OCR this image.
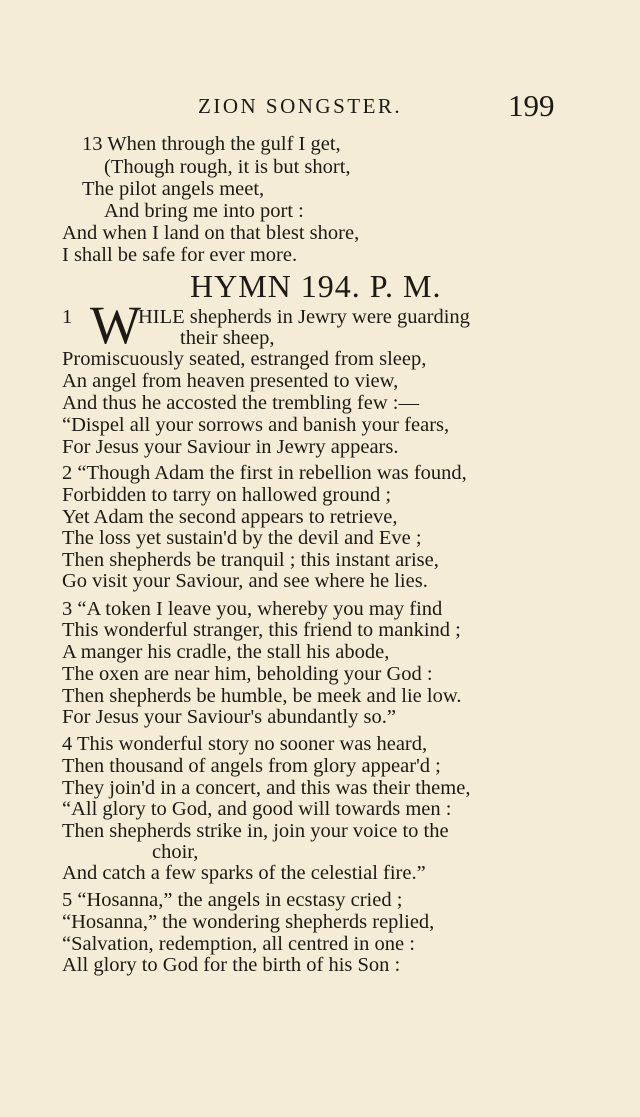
ZION SONGSTER.	199
13 When through the gulf I get,
(Though rough, it is but short,
The pilot angels meet,
And bring me into port :
And when I land on that blest shore,
I shall be safe for ever more.
HYMN 194. P. M.
1 W
HILE shepherds in Jewry were guarding
their sheep,
Promiscuously seated, estranged from sleep,
An angel from heaven presented to view,
And thus he accosted the trembling few :—
“Dispel all your sorrows and banish your fears,
For Jesus your Saviour in Jewry appears.
2 “Though Adam the first in rebellion was found,
Forbidden to tarry on hallowed ground ;
Yet Adam the second appears to retrieve,
The loss yet sustain'd by the devil and Eve ;
Then shepherds be tranquil ; this instant arise,
Go visit your Saviour, and see where he lies.
3 “A token I leave you, whereby you may find
This wonderful stranger, this friend to mankind ;
A manger his cradle, the stall his abode,
The oxen are near him, beholding your God :
Then shepherds be humble, be meek and lie low.
For Jesus your Saviour's abundantly so.”
4 This wonderful story no sooner was heard,
Then thousand of angels from glory appear'd ;
They join'd in a concert, and this was their theme,
“All glory to God, and good will towards men :
Then shepherds strike in, join your voice to the
choir,
And catch a few sparks of the celestial fire.”
5 “Hosanna,” the angels in ecstasy cried ;
“Hosanna,” the wondering shepherds replied,
“Salvation, redemption, all centred in one :
All glory to God for the birth of his Son :
